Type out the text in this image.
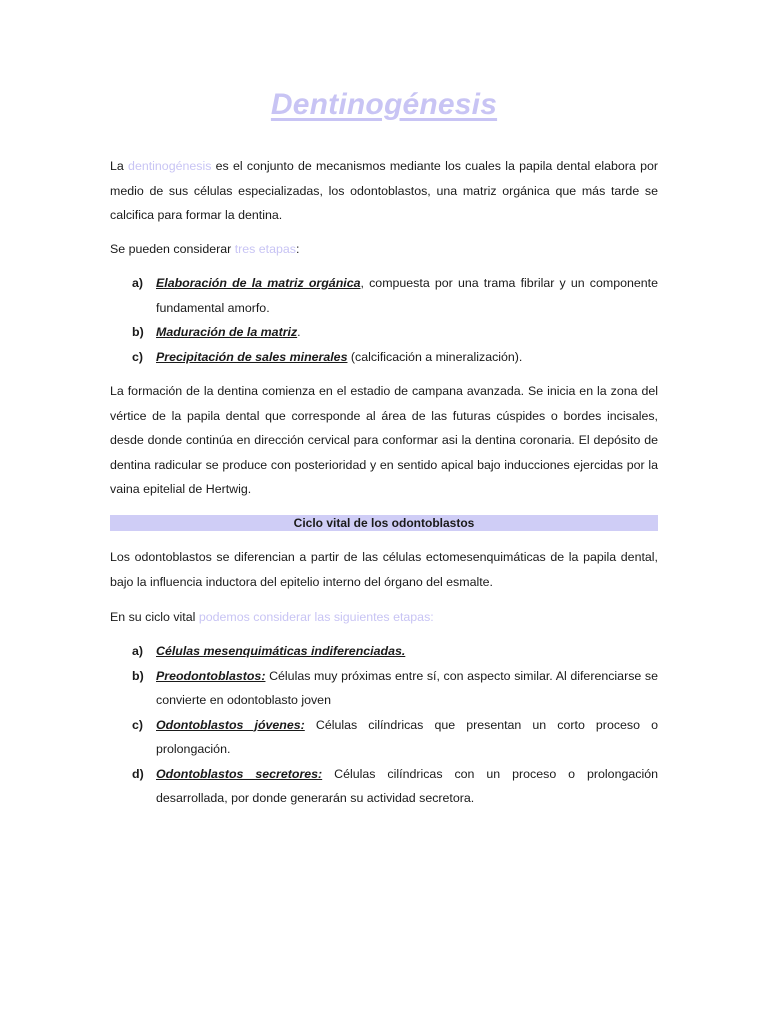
Dentinogénesis

La dentinogénesis es el conjunto de mecanismos mediante los cuales la papila dental elabora por medio de sus células especializadas, los odontoblastos, una matriz orgánica que más tarde se calcifica para formar la dentina.

Se pueden considerar tres etapas:

a) Elaboración de la matriz orgánica, compuesta por una trama fibrilar y un componente fundamental amorfo.
b) Maduración de la matriz.
c) Precipitación de sales minerales (calcificación a mineralización).

La formación de la dentina comienza en el estadio de campana avanzada. Se inicia en la zona del vértice de la papila dental que corresponde al área de las futuras cúspides o bordes incisales, desde donde continúa en dirección cervical para conformar asi la dentina coronaria. El depósito de dentina radicular se produce con posterioridad y en sentido apical bajo inducciones ejercidas por la vaina epitelial de Hertwig.

Ciclo vital de los odontoblastos

Los odontoblastos se diferencian a partir de las células ectomesenquimáticas de la papila dental, bajo la influencia inductora del epitelio interno del órgano del esmalte.

En su ciclo vital podemos considerar las siguientes etapas:

a) Células mesenquimáticas indiferenciadas.
b) Preodontoblastos: Células muy próximas entre sí, con aspecto similar. Al diferenciarse se convierte en odontoblasto joven
c) Odontoblastos jóvenes: Células cilíndricas que presentan un corto proceso o prolongación.
d) Odontoblastos secretores: Células cilíndricas con un proceso o prolongación desarrollada, por donde generarán su actividad secretora.
